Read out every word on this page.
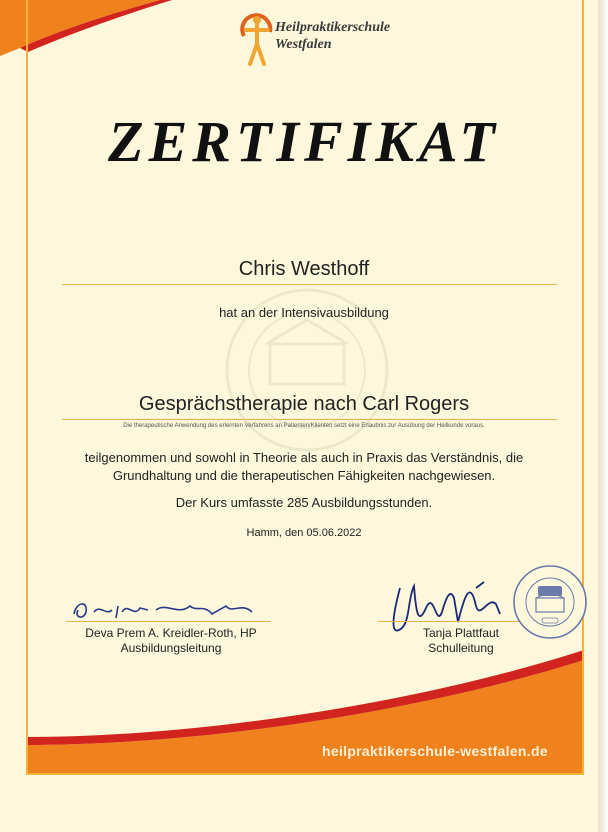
Heilpraktikerschule
Westfalen
ZERTIFIKAT
Chris Westhoff
hat an der Intensivausbildung
Gesprächstherapie nach Carl Rogers
Die therapeutische Anwendung des erlernten Verfahrens an Patienten/Klienten setzt eine Erlaubnis zur Ausübung der Heilkunde voraus.
teilgenommen und sowohl in Theorie als auch in Praxis das Verständnis, die
Grundhaltung und die therapeutischen Fähigkeiten nachgewiesen.
Der Kurs umfasste 285 Ausbildungsstunden.
Hamm, den 05.06.2022
Deva Prem A. Kreidler-Roth, HP
Ausbildungsleitung
Tanja Plattfaut
Schulleitung
heilpraktikerschule-westfalen.de
